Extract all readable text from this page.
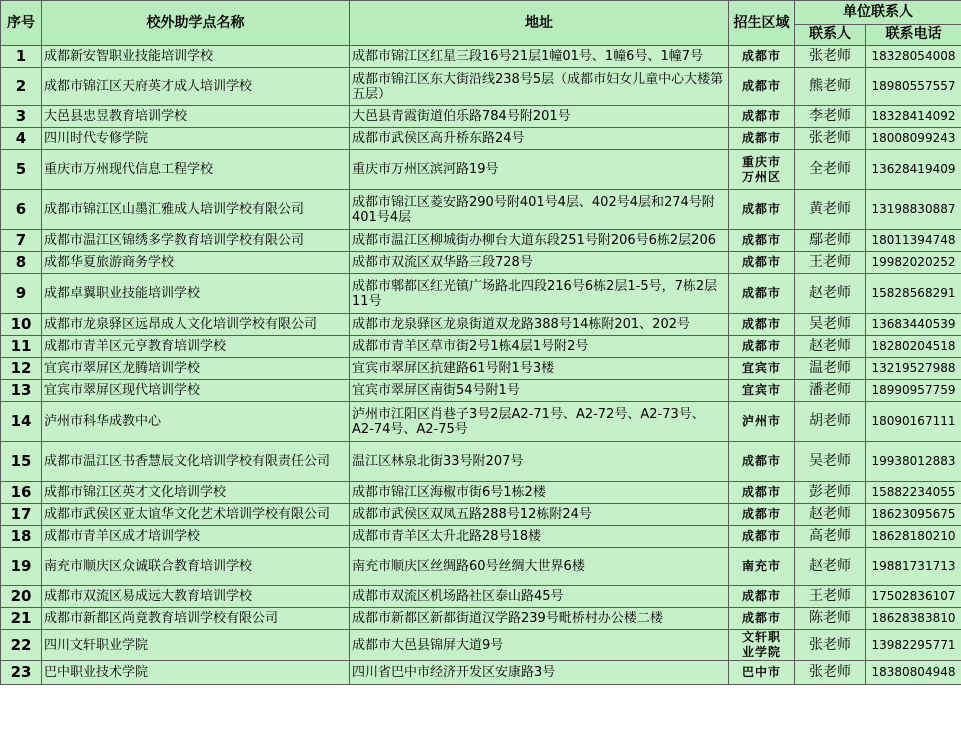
序号	校外助学点名称	地址	招生区域	单位联系人	
				联系人	联系电话
1	成都新安智职业技能培训学校	成都市锦江区红星三段16号21层1幢01号、1幢6号、1幢7号	成都市	张老师	18328054008
2	成都市锦江区天府英才成人培训学校	成都市锦江区东大街沿线238号5层（成都市妇女儿童中心大楼第五层）	成都市	熊老师	18980557557
3	大邑县忠昱教育培训学校	大邑县青霞街道伯乐路784号附201号	成都市	李老师	18328414092
4	四川时代专修学院	成都市武侯区高升桥东路24号	成都市	张老师	18008099243
5	重庆市万州现代信息工程学校	重庆市万州区滨河路19号	重庆市万州区	全老师	13628419409
6	成都市锦江区山墨汇雅成人培训学校有限公司	成都市锦江区菱安路290号附401号4层、402号4层和274号附401号4层	成都市	黄老师	13198830887
7	成都市温江区锦绣多学教育培训学校有限公司	成都市温江区柳城街办柳台大道东段251号附206号6栋2层206	成都市	鄢老师	18011394748
8	成都华夏旅游商务学校	成都市双流区双华路三段728号	成都市	王老师	19982020252
9	成都卓翼职业技能培训学校	成都市郫都区红光镇广场路北四段216号6栋2层1-5号，7栋2层11号	成都市	赵老师	15828568291
10	成都市龙泉驿区远昂成人文化培训学校有限公司	成都市龙泉驿区龙泉街道双龙路388号14栋附201、202号	成都市	吴老师	13683440539
11	成都市青羊区元亨教育培训学校	成都市青羊区草市街2号1栋4层1号附2号	成都市	赵老师	18280204518
12	宜宾市翠屏区龙腾培训学校	宜宾市翠屏区抗建路61号附1号3楼	宜宾市	温老师	13219527988
13	宜宾市翠屏区现代培训学校	宜宾市翠屏区南街54号附1号	宜宾市	潘老师	18990957759
14	泸州市科华成教中心	泸州市江阳区肖巷子3号2层A2-71号、A2-72号、A2-73号、A2-74号、A2-75号	泸州市	胡老师	18090167111
15	成都市温江区书香慧辰文化培训学校有限责任公司	温江区林泉北街33号附207号	成都市	吴老师	19938012883
16	成都市锦江区英才文化培训学校	成都市锦江区海椒市街6号1栋2楼	成都市	彭老师	15882234055
17	成都市武侯区亚太谊华文化艺术培训学校有限公司	成都市武侯区双凤五路288号12栋附24号	成都市	赵老师	18623095675
18	成都市青羊区成才培训学校	成都市青羊区太升北路28号18楼	成都市	高老师	18628180210
19	南充市顺庆区众诚联合教育培训学校	南充市顺庆区丝绸路60号丝绸大世界6楼	南充市	赵老师	19881731713
20	成都市双流区易成远大教育培训学校	成都市双流区机场路社区泰山路45号	成都市	王老师	17502836107
21	成都市新都区尚竟教育培训学校有限公司	成都市新都区新都街道汉学路239号毗桥村办公楼二楼	成都市	陈老师	18628383810
22	四川文轩职业学院	成都市大邑县锦屏大道9号	文轩职业学院	张老师	13982295771
23	巴中职业技术学院	四川省巴中市经济开发区安康路3号	巴中市	张老师	18380804948
